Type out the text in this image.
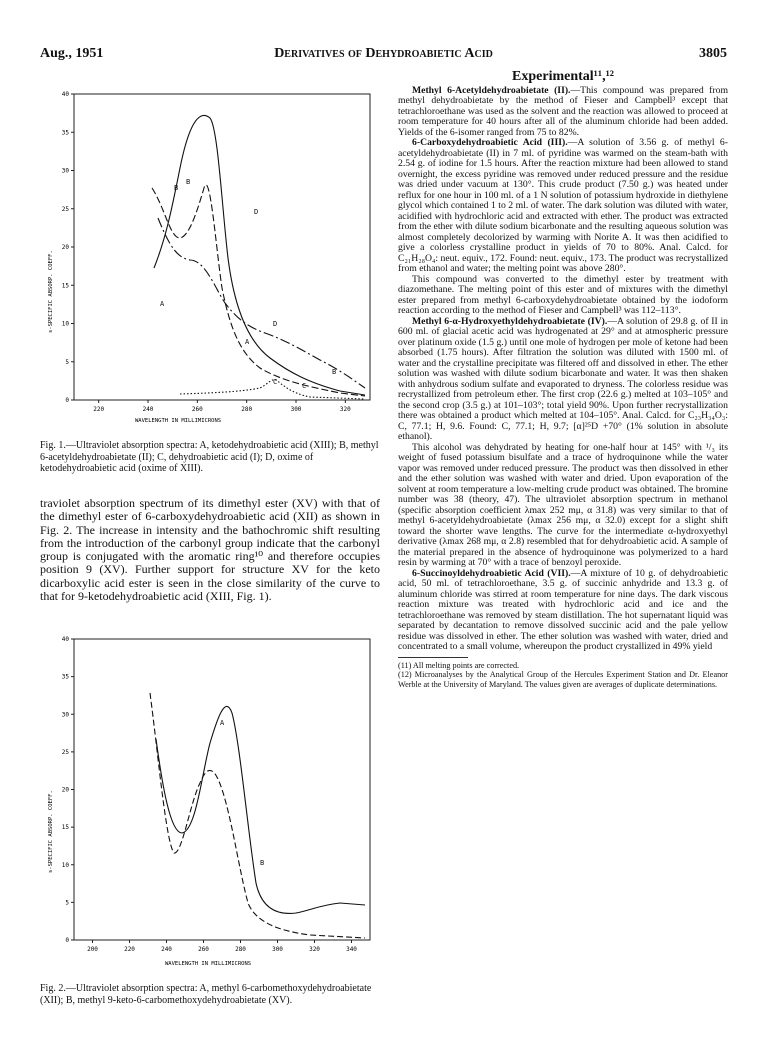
Aug., 1951	Derivatives of Dehydroabietic Acid	3805
0
5
10
15
20
25
30
35
40
220	240	260	280	300	320
s-SPECIFIC ABSORP. COEFF.
WAVELENGTH IN MILLIMICRONS
A
B
C
D
A
B
B
D
C
Fig. 1.—Ultraviolet absorption spectra: A, ketodehydroabietic acid (XIII); B, methyl 6-acetyldehydroabietate (II); C, dehydroabietic acid (I); D, oxime of ketodehydroabietic acid (oxime of XIII).
traviolet absorption spectrum of its dimethyl ester (XV) with that of the dimethyl ester of 6-carboxydehydroabietic acid (XII) as shown in Fig. 2. The increase in intensity and the bathochromic shift resulting from the introduction of the carbonyl group indicate that the carbonyl group is conjugated with the aromatic ring¹⁰ and therefore occupies position 9 (XV). Further support for structure XV for the keto dicarboxylic acid ester is seen in the close similarity of the curve to that for 9-ketodehydroabietic acid (XIII, Fig. 1).
0
5
10
15
20
25
30
35
40
200	220	240	260	280	300	320	340
s-SPECIFIC ABSORP. COEFF.
WAVELENGTH IN MILLIMICRONS
A
B
Fig. 2.—Ultraviolet absorption spectra: A, methyl 6-carbomethoxydehydroabietate (XII); B, methyl 9-keto-6-carbomethoxydehydroabietate (XV).
Experimental¹¹,¹²

Methyl 6-Acetyldehydroabietate (II).—This compound was prepared from methyl dehydroabietate by the method of Fieser and Campbell³ except that tetrachloroethane was used as the solvent and the reaction was allowed to proceed at room temperature for 40 hours after all of the aluminum chloride had been added. Yields of the 6-isomer ranged from 75 to 82%.

6-Carboxydehydroabietic Acid (III).—A solution of 3.56 g. of methyl 6-acetyldehydroabietate (II) in 7 ml. of pyridine was warmed on the steam-bath with 2.54 g. of iodine for 1.5 hours. After the reaction mixture had been allowed to stand overnight, the excess pyridine was removed under reduced pressure and the residue was dried under vacuum at 130°. This crude product (7.50 g.) was heated under reflux for one hour in 100 ml. of a 1 N solution of potassium hydroxide in diethylene glycol which contained 1 to 2 ml. of water. The dark solution was diluted with water, acidified with hydrochloric acid and extracted with ether. The product was extracted from the ether with dilute sodium bicarbonate and the resulting aqueous solution was almost completely decolorized by warming with Norite A. It was then acidified to give a colorless crystalline product in yields of 70 to 80%. Anal. Calcd. for C₂₁H₂₈O₄: neut. equiv., 172. Found: neut. equiv., 173. The product was recrystallized from ethanol and water; the melting point was above 280°.

This compound was converted to the dimethyl ester by treatment with diazomethane. The melting point of this ester and of mixtures with the dimethyl ester prepared from methyl 6-carboxydehydroabietate obtained by the iodoform reaction according to the method of Fieser and Campbell³ was 112–113°.

Methyl 6-α-Hydroxyethyldehydroabietate (IV).—A solution of 29.8 g. of II in 600 ml. of glacial acetic acid was hydrogenated at 29° and at atmospheric pressure over platinum oxide (1.5 g.) until one mole of hydrogen per mole of ketone had been absorbed (1.75 hours). After filtration the solution was diluted with 1500 ml. of water and the crystalline precipitate was filtered off and dissolved in ether. The ether solution was washed with dilute sodium bicarbonate and water. It was then shaken with anhydrous sodium sulfate and evaporated to dryness. The colorless residue was recrystallized from petroleum ether. The first crop (22.6 g.) melted at 103–105° and the second crop (3.5 g.) at 101–103°; total yield 90%. Upon further recrystallization there was obtained a product which melted at 104–105°. Anal. Calcd. for C₂₃H₃₄O₃: C, 77.1; H, 9.6. Found: C, 77.1; H, 9.7; [α]²⁵D +70° (1% solution in absolute ethanol).

This alcohol was dehydrated by heating for one-half hour at 145° with ¹/₃ its weight of fused potassium bisulfate and a trace of hydroquinone while the water vapor was removed under reduced pressure. The product was then dissolved in ether and the ether solution was washed with water and dried. Upon evaporation of the solvent at room temperature a low-melting crude product was obtained. The bromine number was 38 (theory, 47). The ultraviolet absorption spectrum in methanol (specific absorption coefficient λmax 252 mμ, α 31.8) was very similar to that of methyl 6-acetyldehydroabietate (λmax 256 mμ, α 32.0) except for a slight shift toward the shorter wave lengths. The curve for the intermediate α-hydroxyethyl derivative (λmax 268 mμ, α 2.8) resembled that for dehydroabietic acid. A sample of the material prepared in the absence of hydroquinone was polymerized to a hard resin by warming at 70° with a trace of benzoyl peroxide.

6-Succinoyldehydroabietic Acid (VII).—A mixture of 10 g. of dehydroabietic acid, 50 ml. of tetrachloroethane, 3.5 g. of succinic anhydride and 13.3 g. of aluminum chloride was stirred at room temperature for nine days. The dark viscous reaction mixture was treated with hydrochloric acid and ice and the tetrachloroethane was removed by steam distillation. The hot supernatant liquid was separated by decantation to remove dissolved succinic acid and the pale yellow residue was dissolved in ether. The ether solution was washed with water, dried and concentrated to a small volume, whereupon the product crystallized in 49% yield

(11) All melting points are corrected.

(12) Microanalyses by the Analytical Group of the Hercules Experiment Station and Dr. Eleanor Werble at the University of Maryland. The values given are averages of duplicate determinations.
